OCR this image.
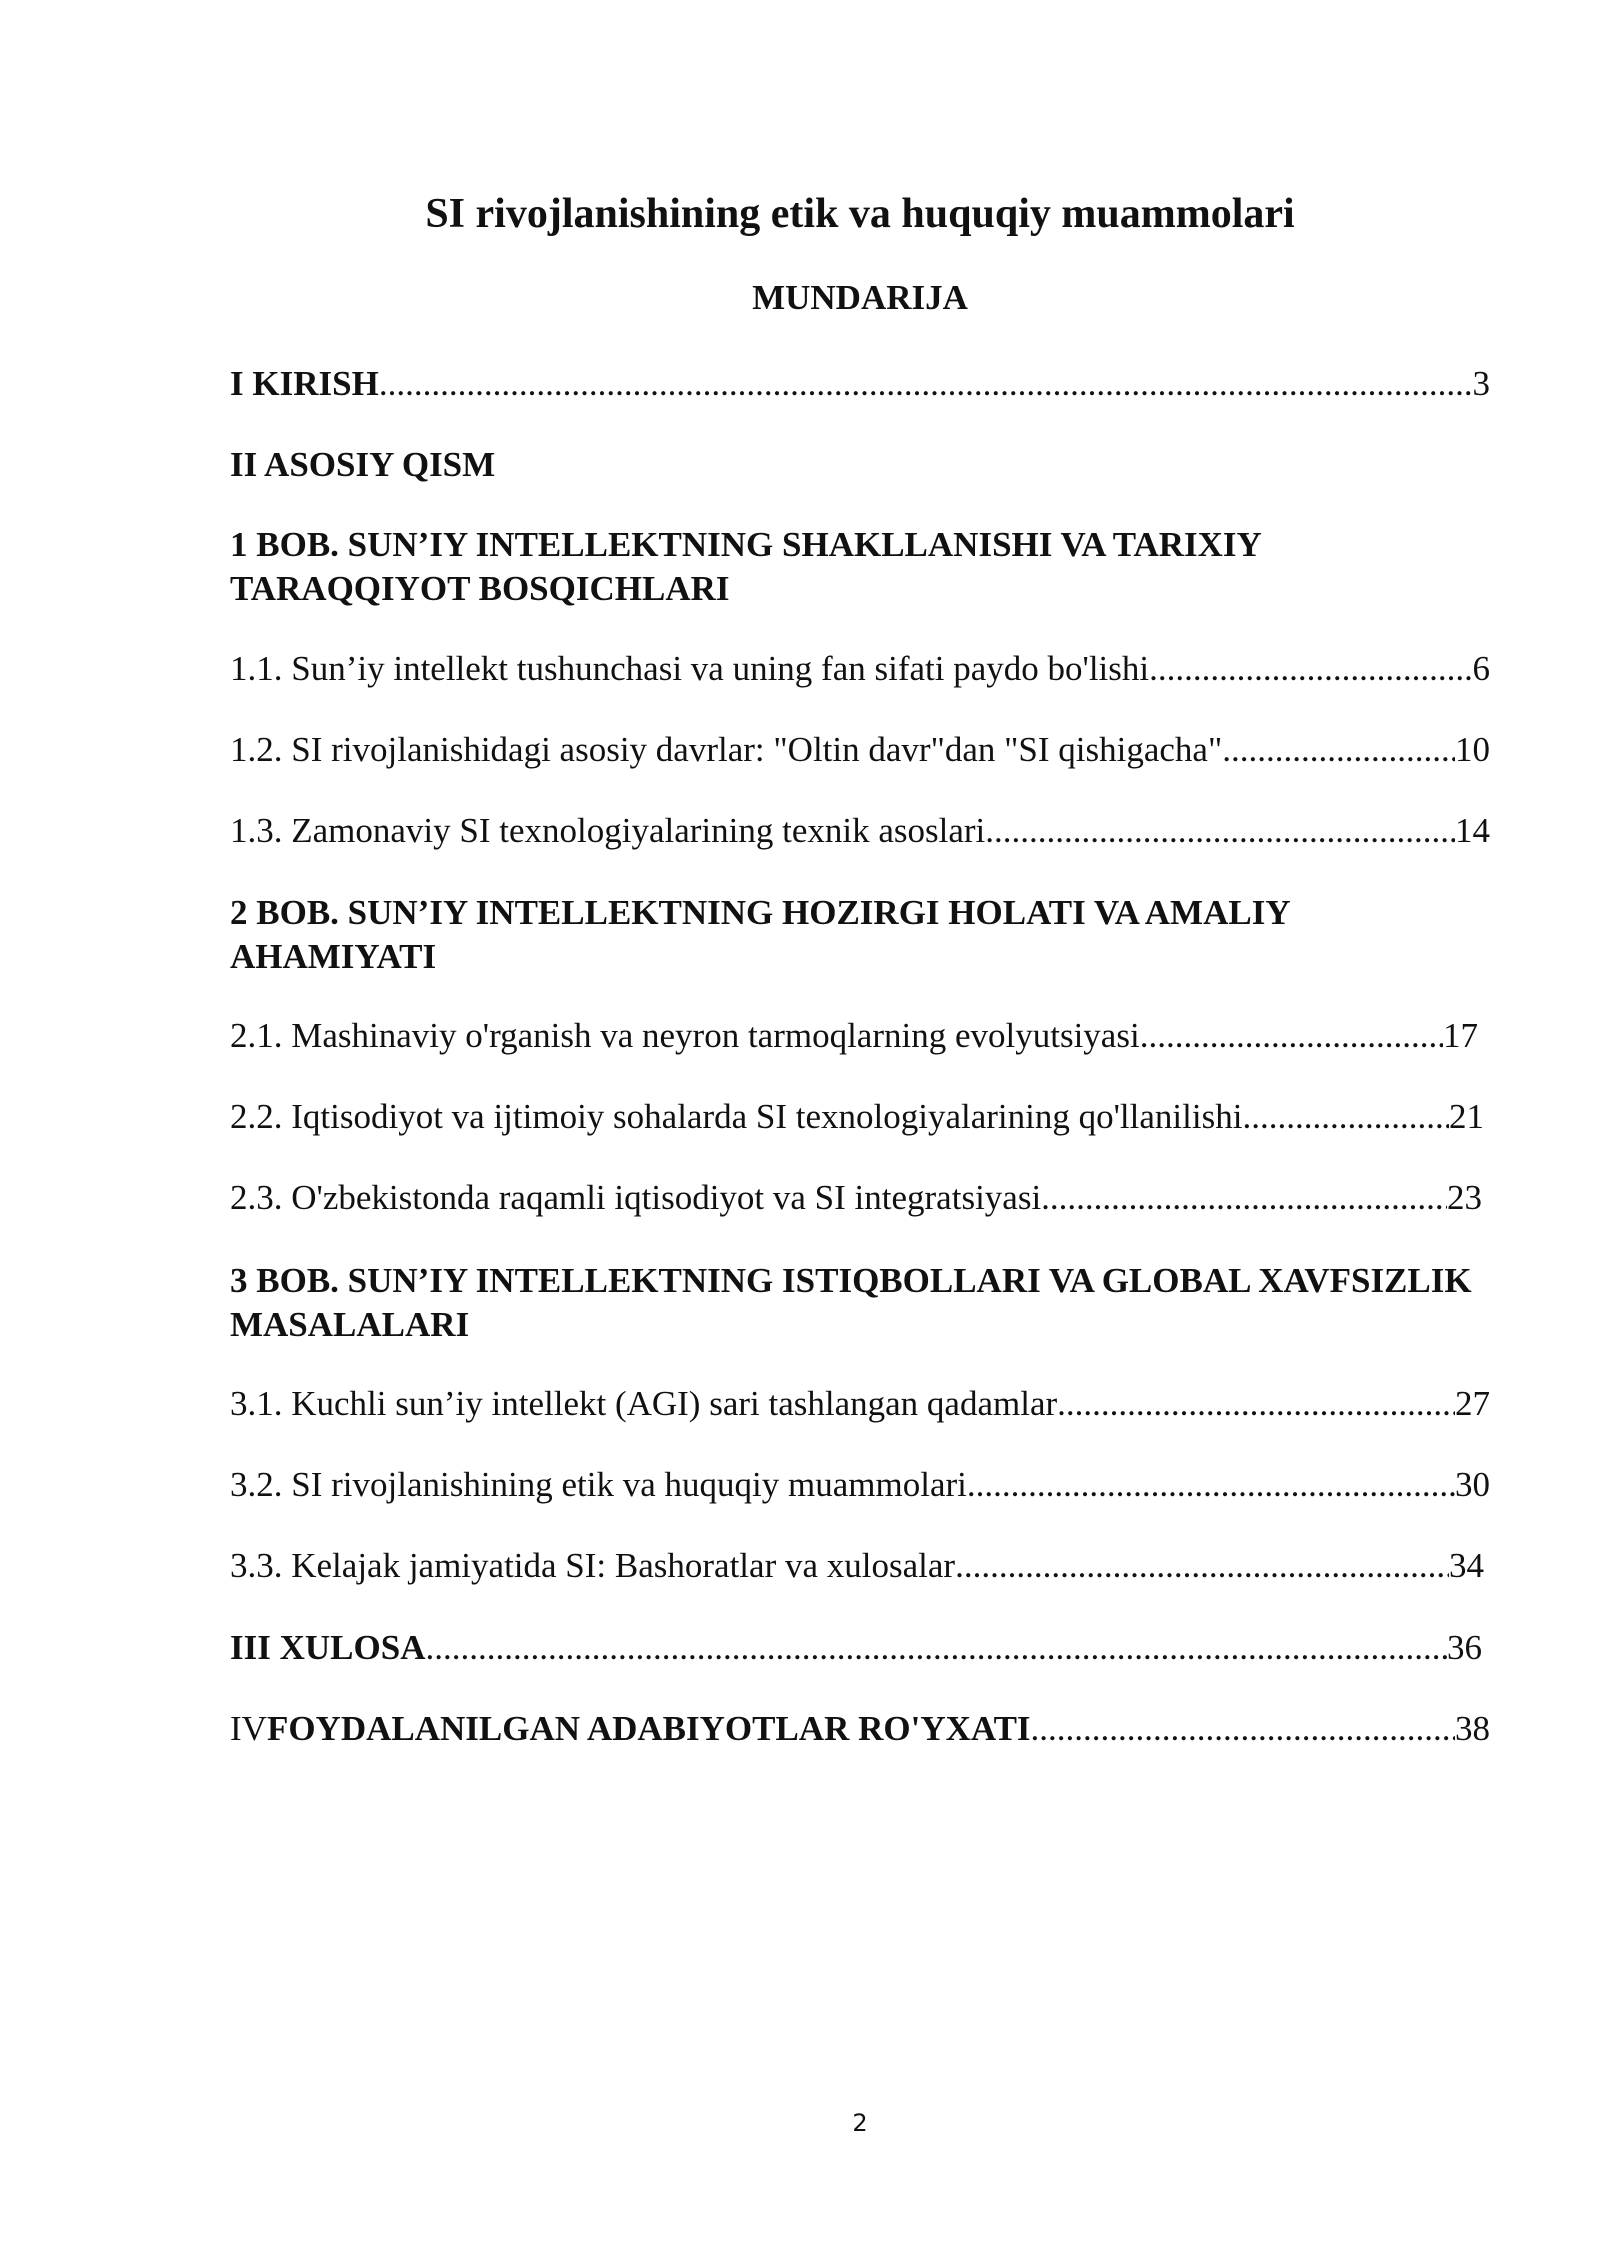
SI rivojlanishining etik va huquqiy muammolari
MUNDARIJA
I KIRISH .....	3
II ASOSIY QISM
1 BOB. SUN’IY INTELLEKTNING SHAKLLANISHI VA TARIXIY TARAQQIYOT BOSQICHLARI
1.1. Sun’iy intellekt tushunchasi va uning fan sifati paydo bo'lishi .....	6
1.2. SI rivojlanishidagi asosiy davrlar: "Oltin davr"dan "SI qishigacha" .....	10
1.3. Zamonaviy SI texnologiyalarining texnik asoslari .....	14
2 BOB. SUN’IY INTELLEKTNING HOZIRGI HOLATI VA AMALIY AHAMIYATI
2.1. Mashinaviy o'rganish va neyron tarmoqlarning evolyutsiyasi .....	17
2.2. Iqtisodiyot va ijtimoiy sohalarda SI texnologiyalarining qo'llanilishi .....	21
2.3. O'zbekistonda raqamli iqtisodiyot va SI integratsiyasi .....	23
3 BOB. SUN’IY INTELLEKTNING ISTIQBOLLARI VA GLOBAL XAVFSIZLIK MASALALARI
3.1. Kuchli sun’iy intellekt (AGI) sari tashlangan qadamlar .....	27
3.2. SI rivojlanishining etik va huquqiy muammolari .....	30
3.3. Kelajak jamiyatida SI: Bashoratlar va xulosalar .....	34
III XULOSA .....	36
IV FOYDALANILGAN ADABIYOTLAR RO'YXATI .....	38
2
